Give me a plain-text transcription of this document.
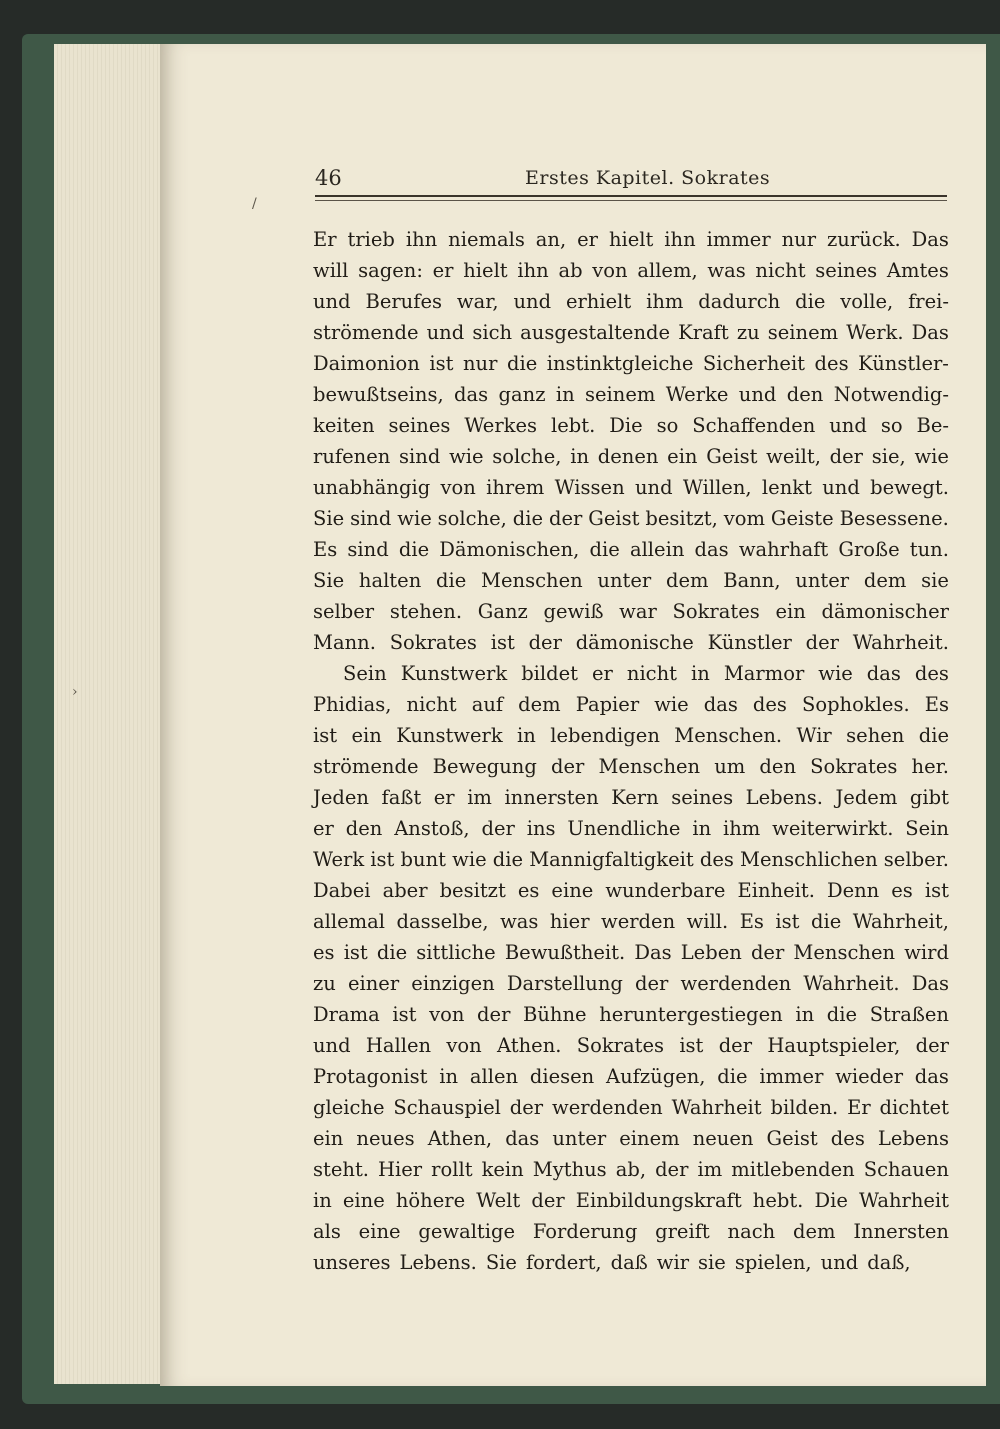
46	Erstes Kapitel. Sokrates
/
›
Er trieb ihn niemals an, er hielt ihn immer nur zurück. Das
will sagen: er hielt ihn ab von allem, was nicht seines Amtes
und Berufes war, und erhielt ihm dadurch die volle, frei-
strömende und sich ausgestaltende Kraft zu seinem Werk. Das
Daimonion ist nur die instinktgleiche Sicherheit des Künstler-
bewußtseins, das ganz in seinem Werke und den Notwendig-
keiten seines Werkes lebt. Die so Schaffenden und so Be-
rufenen sind wie solche, in denen ein Geist weilt, der sie, wie
unabhängig von ihrem Wissen und Willen, lenkt und bewegt.
Sie sind wie solche, die der Geist besitzt, vom Geiste Besessene.
Es sind die Dämonischen, die allein das wahrhaft Große tun.
Sie halten die Menschen unter dem Bann, unter dem sie
selber stehen. Ganz gewiß war Sokrates ein dämonischer
Mann. Sokrates ist der dämonische Künstler der Wahrheit.
Sein Kunstwerk bildet er nicht in Marmor wie das des
Phidias, nicht auf dem Papier wie das des Sophokles. Es
ist ein Kunstwerk in lebendigen Menschen. Wir sehen die
strömende Bewegung der Menschen um den Sokrates her.
Jeden faßt er im innersten Kern seines Lebens. Jedem gibt
er den Anstoß, der ins Unendliche in ihm weiterwirkt. Sein
Werk ist bunt wie die Mannigfaltigkeit des Menschlichen selber.
Dabei aber besitzt es eine wunderbare Einheit. Denn es ist
allemal dasselbe, was hier werden will. Es ist die Wahrheit,
es ist die sittliche Bewußtheit. Das Leben der Menschen wird
zu einer einzigen Darstellung der werdenden Wahrheit. Das
Drama ist von der Bühne heruntergestiegen in die Straßen
und Hallen von Athen. Sokrates ist der Hauptspieler, der
Protagonist in allen diesen Aufzügen, die immer wieder das
gleiche Schauspiel der werdenden Wahrheit bilden. Er dichtet
ein neues Athen, das unter einem neuen Geist des Lebens
steht. Hier rollt kein Mythus ab, der im mitlebenden Schauen
in eine höhere Welt der Einbildungskraft hebt. Die Wahrheit
als eine gewaltige Forderung greift nach dem Innersten
unseres Lebens. Sie fordert, daß wir sie spielen, und daß,
